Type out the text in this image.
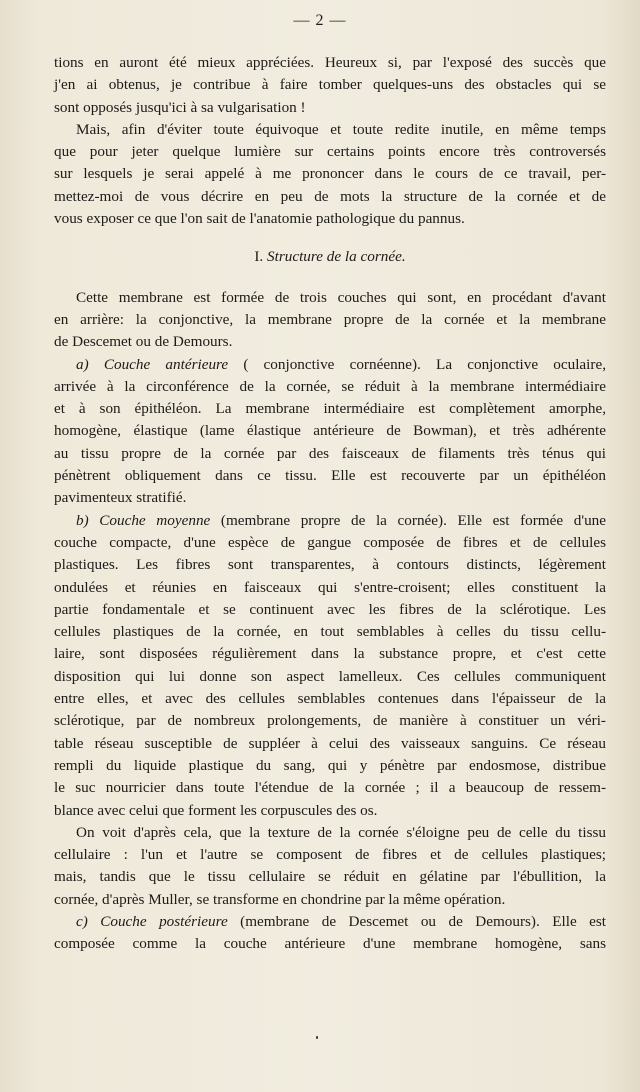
— 2 —
tions en auront été mieux appréciées. Heureux si, par l'exposé des succès que
j'en ai obtenus, je contribue à faire tomber quelques-uns des obstacles qui se
sont opposés jusqu'ici à sa vulgarisation !
Mais, afin d'éviter toute équivoque et toute redite inutile, en même temps
que pour jeter quelque lumière sur certains points encore très controversés
sur lesquels je serai appelé à me prononcer dans le cours de ce travail, per-
mettez-moi de vous décrire en peu de mots la structure de la cornée et de
vous exposer ce que l'on sait de l'anatomie pathologique du pannus.
I. Structure de la cornée.
Cette membrane est formée de trois couches qui sont, en procédant d'avant
en arrière: la conjonctive, la membrane propre de la cornée et la membrane
de Descemet ou de Demours.
a) Couche antérieure ( conjonctive cornéenne). La conjonctive oculaire,
arrivée à la circonférence de la cornée, se réduit à la membrane intermédiaire
et à son épithéléon. La membrane intermédiaire est complètement amorphe,
homogène, élastique (lame élastique antérieure de Bowman), et très adhérente
au tissu propre de la cornée par des faisceaux de filaments très ténus qui
pénètrent obliquement dans ce tissu. Elle est recouverte par un épithéléon
pavimenteux stratifié.
b) Couche moyenne (membrane propre de la cornée). Elle est formée d'une
couche compacte, d'une espèce de gangue composée de fibres et de cellules
plastiques. Les fibres sont transparentes, à contours distincts, légèrement
ondulées et réunies en faisceaux qui s'entre-croisent; elles constituent la
partie fondamentale et se continuent avec les fibres de la sclérotique. Les
cellules plastiques de la cornée, en tout semblables à celles du tissu cellu-
laire, sont disposées régulièrement dans la substance propre, et c'est cette
disposition qui lui donne son aspect lamelleux. Ces cellules communiquent
entre elles, et avec des cellules semblables contenues dans l'épaisseur de la
sclérotique, par de nombreux prolongements, de manière à constituer un véri-
table réseau susceptible de suppléer à celui des vaisseaux sanguins. Ce réseau
rempli du liquide plastique du sang, qui y pénètre par endosmose, distribue
le suc nourricier dans toute l'étendue de la cornée ; il a beaucoup de ressem-
blance avec celui que forment les corpuscules des os.
On voit d'après cela, que la texture de la cornée s'éloigne peu de celle du tissu
cellulaire : l'un et l'autre se composent de fibres et de cellules plastiques;
mais, tandis que le tissu cellulaire se réduit en gélatine par l'ébullition, la
cornée, d'après Muller, se transforme en chondrine par la même opération.
c) Couche postérieure (membrane de Descemet ou de Demours). Elle est
composée comme la couche antérieure d'une membrane homogène, sans
